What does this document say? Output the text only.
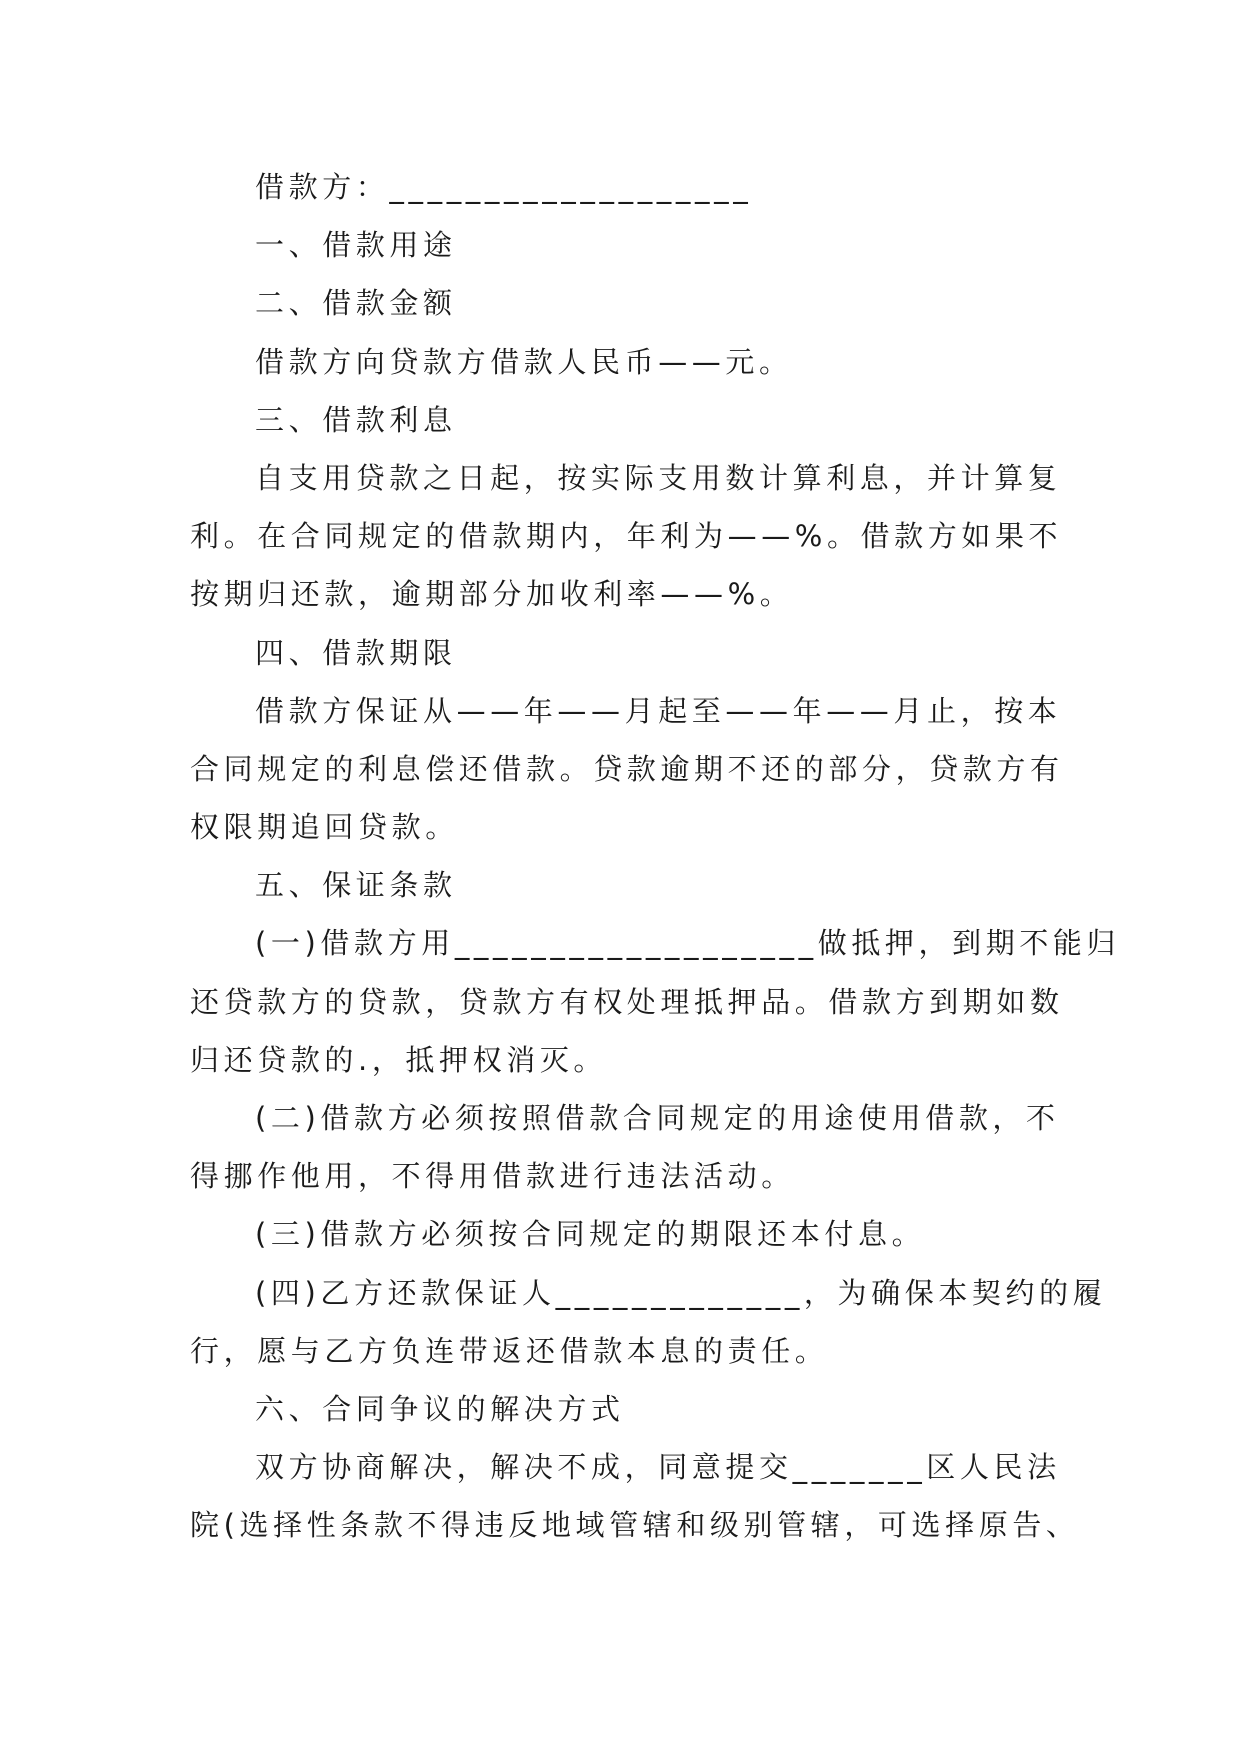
借款方：___________________
一、借款用途
二、借款金额
借款方向贷款方借款人民币——元。
三、借款利息
自支用贷款之日起，按实际支用数计算利息，并计算复
利。在合同规定的借款期内，年利为——%。借款方如果不
按期归还款，逾期部分加收利率——%。
四、借款期限
借款方保证从——年——月起至——年——月止，按本
合同规定的利息偿还借款。贷款逾期不还的部分，贷款方有
权限期追回贷款。
五、保证条款
(一)借款方用___________________做抵押，到期不能归
还贷款方的贷款，贷款方有权处理抵押品。借款方到期如数
归还贷款的.，抵押权消灭。
(二)借款方必须按照借款合同规定的用途使用借款，不
得挪作他用，不得用借款进行违法活动。
(三)借款方必须按合同规定的期限还本付息。
(四)乙方还款保证人_____________，为确保本契约的履
行，愿与乙方负连带返还借款本息的责任。
六、合同争议的解决方式
双方协商解决，解决不成，同意提交_______区人民法
院(选择性条款不得违反地域管辖和级别管辖，可选择原告、
